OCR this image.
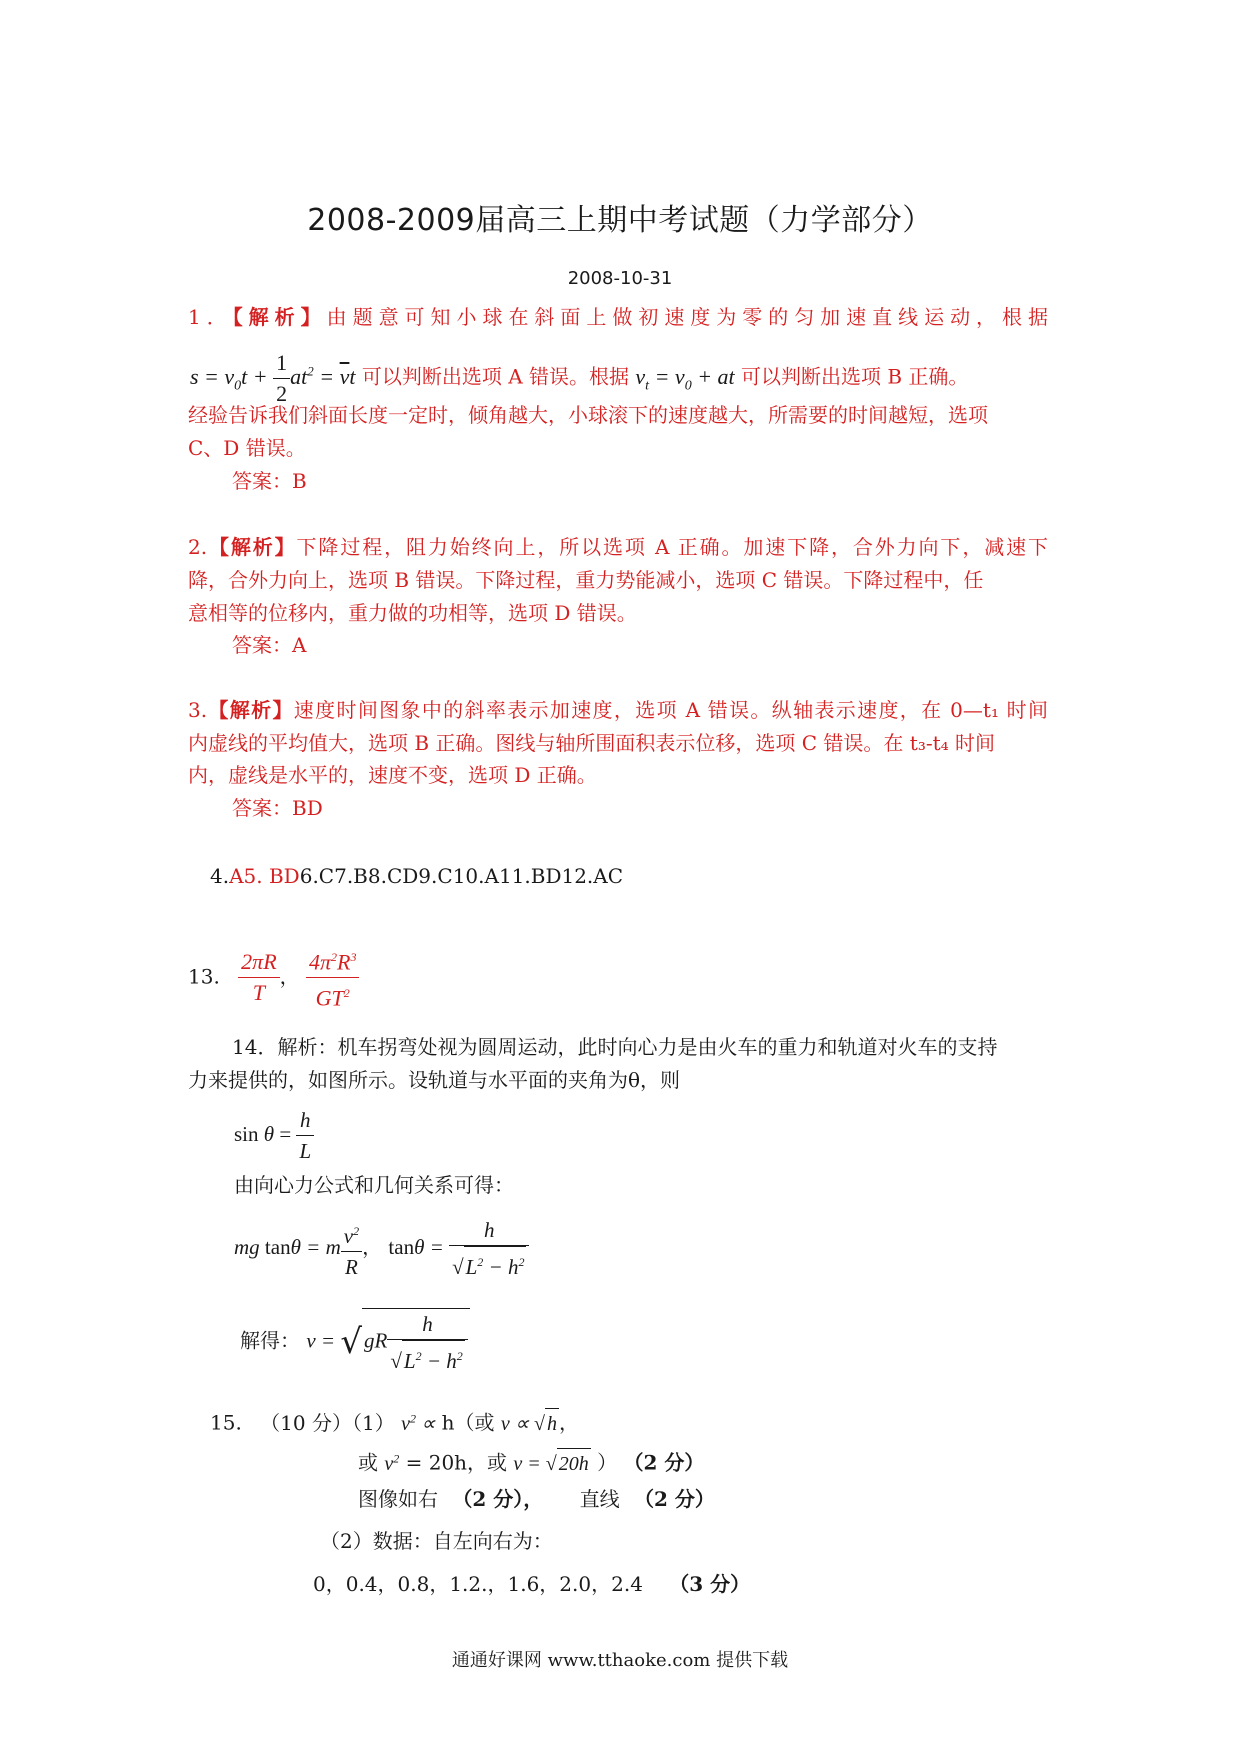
2008-2009届高三上期中考试题（力学部分）
2008-10-31
1．【解析】由题意可知小球在斜面上做初速度为零的匀加速直线运动，根据
$s = v_0t + \frac{1}{2} at^2 = \overline{v}t$ 可以判断出选项 A 错误。根据 $v_t = v_0$ + at 可以判断出选项 B 正确。
经验告诉我们斜面长度一定时，倾角越大，小球滚下的速度越大，所需要的时间越短，选项
C、D 错误。
答案：B
2.【解析】下降过程，阻力始终向上，所以选项 A 正确。加速下降，合外力向下，减速下
降，合外力向上，选项 B 错误。下降过程，重力势能减小，选项 C 错误。下降过程中，任
意相等的位移内，重力做的功相等，选项 D 错误。
答案：A
3.【解析】速度时间图象中的斜率表示加速度，选项 A 错误。纵轴表示速度，在 0—t₁ 时间
内虚线的平均值大，选项 B 正确。图线与轴所围面积表示位移，选项 C 错误。在 t₃-t₄ 时间
内，虚线是水平的，速度不变，选项 D 正确。
答案：BD
4.A5. BD6.C7.B8.CD9.C10.A11.BD12.AC
13. $\frac{2\pi R}{T}$ ， $\frac{4\pi^2R^3}{GT^2}$
14．解析：机车拐弯处视为圆周运动，此时向心力是由火车的重力和轨道对火车的支持
力来提供的，如图所示。设轨道与水平面的夹角为θ，则
$\sin \theta = \frac{h}{L}$
由向心力公式和几何关系可得：
mg tanθ = m $\frac{v^2}{R}$ ， $\tan\theta = \frac{h}{√L^2 - h^2}$
解得： $v = √gR \frac{h}{√L^2 - h^2}$
15. （10 分）（1） $v^2 \propto h$（或 v ∝ √ h ，
或 $v^2 = 20h$，或 v = √ 20h ） （2 分）
图像如右 （2 分）， 直线 （2 分）
（2）数据：自左向右为：
0，0.4，0.8，1.2.，1.6，2.0，2.4 （3 分）
通通好课网 www.tthaoke.com 提供下载
